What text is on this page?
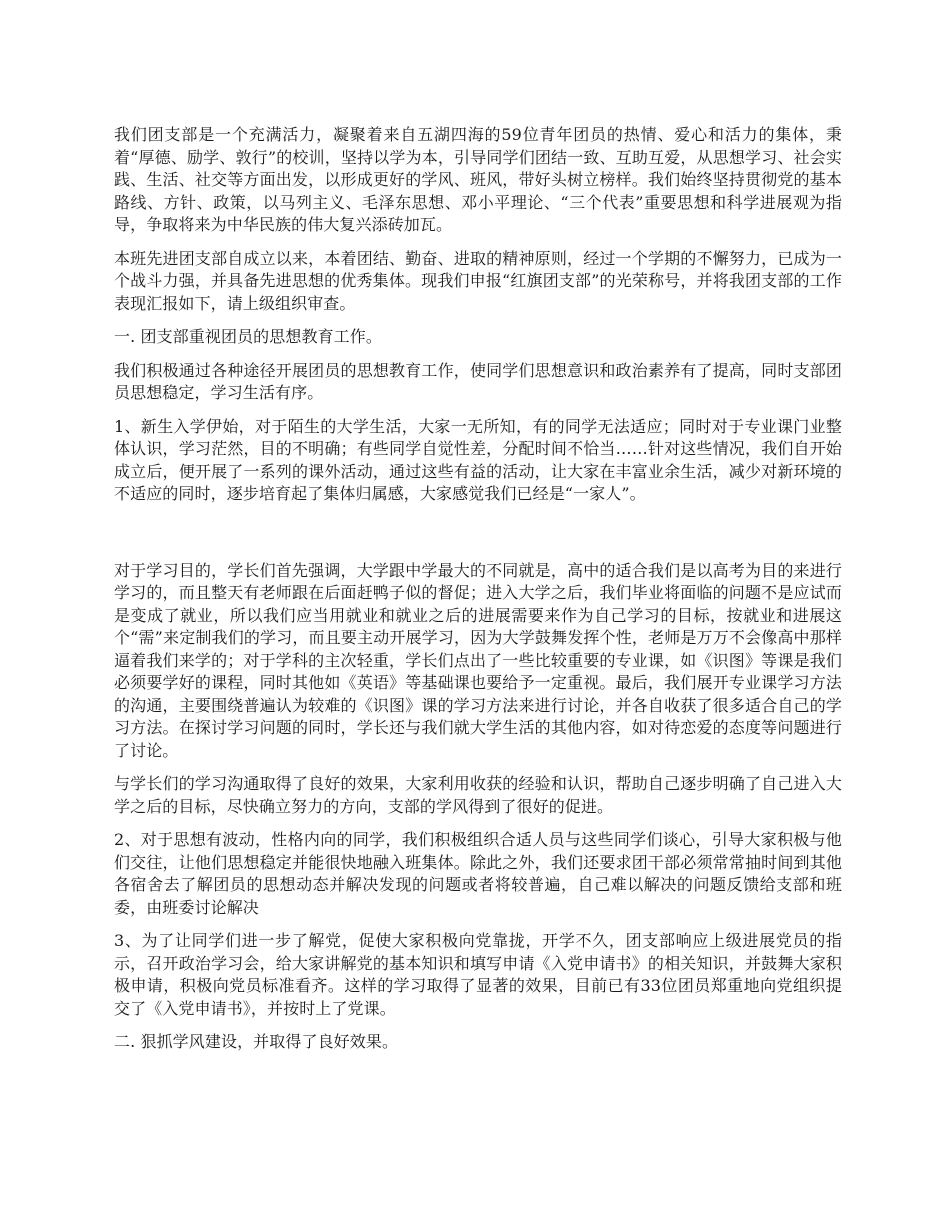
我们团支部是一个充满活力，凝聚着来自五湖四海的59位青年团员的热情、爱心和活力的集体，秉着“厚德、励学、敦行”的校训，坚持以学为本，引导同学们团结一致、互助互爱，从思想学习、社会实践、生活、社交等方面出发，以形成更好的学风、班风，带好头树立榜样。我们始终坚持贯彻党的基本路线、方针、政策，以马列主义、毛泽东思想、邓小平理论、“三个代表”重要思想和科学进展观为指导，争取将来为中华民族的伟大复兴添砖加瓦。

本班先进团支部自成立以来，本着团结、勤奋、进取的精神原则，经过一个学期的不懈努力，已成为一个战斗力强，并具备先进思想的优秀集体。现我们申报“红旗团支部”的光荣称号，并将我团支部的工作表现汇报如下，请上级组织审查。

一. 团支部重视团员的思想教育工作。

我们积极通过各种途径开展团员的思想教育工作，使同学们思想意识和政治素养有了提高，同时支部团员思想稳定，学习生活有序。

1、新生入学伊始，对于陌生的大学生活，大家一无所知，有的同学无法适应；同时对于专业课门业整体认识，学习茫然，目的不明确；有些同学自觉性差，分配时间不恰当……针对这些情况，我们自开始成立后，便开展了一系列的课外活动，通过这些有益的活动，让大家在丰富业余生活，减少对新环境的不适应的同时，逐步培育起了集体归属感，大家感觉我们已经是“一家人”。

对于学习目的，学长们首先强调，大学跟中学最大的不同就是，高中的适合我们是以高考为目的来进行学习的，而且整天有老师跟在后面赶鸭子似的督促；进入大学之后，我们毕业将面临的问题不是应试而是变成了就业，所以我们应当用就业和就业之后的进展需要来作为自己学习的目标，按就业和进展这个“需”来定制我们的学习，而且要主动开展学习，因为大学鼓舞发挥个性，老师是万万不会像高中那样逼着我们来学的；对于学科的主次轻重，学长们点出了一些比较重要的专业课，如《识图》等课是我们必须要学好的课程，同时其他如《英语》等基础课也要给予一定重视。最后，我们展开专业课学习方法的沟通，主要围绕普遍认为较难的《识图》课的学习方法来进行讨论，并各自收获了很多适合自己的学习方法。在探讨学习问题的同时，学长还与我们就大学生活的其他内容，如对待恋爱的态度等问题进行了讨论。

与学长们的学习沟通取得了良好的效果，大家利用收获的经验和认识，帮助自己逐步明确了自己进入大学之后的目标，尽快确立努力的方向，支部的学风得到了很好的促进。

2、对于思想有波动，性格内向的同学，我们积极组织合适人员与这些同学们谈心，引导大家积极与他们交往，让他们思想稳定并能很快地融入班集体。除此之外，我们还要求团干部必须常常抽时间到其他各宿舍去了解团员的思想动态并解决发现的问题或者将较普遍，自己难以解决的问题反馈给支部和班委，由班委讨论解决

3、为了让同学们进一步了解党，促使大家积极向党靠拢，开学不久，团支部响应上级进展党员的指示，召开政治学习会，给大家讲解党的基本知识和填写申请《入党申请书》的相关知识，并鼓舞大家积极申请，积极向党员标准看齐。这样的学习取得了显著的效果，目前已有33位团员郑重地向党组织提交了《入党申请书》，并按时上了党课。

二. 狠抓学风建设，并取得了良好效果。
